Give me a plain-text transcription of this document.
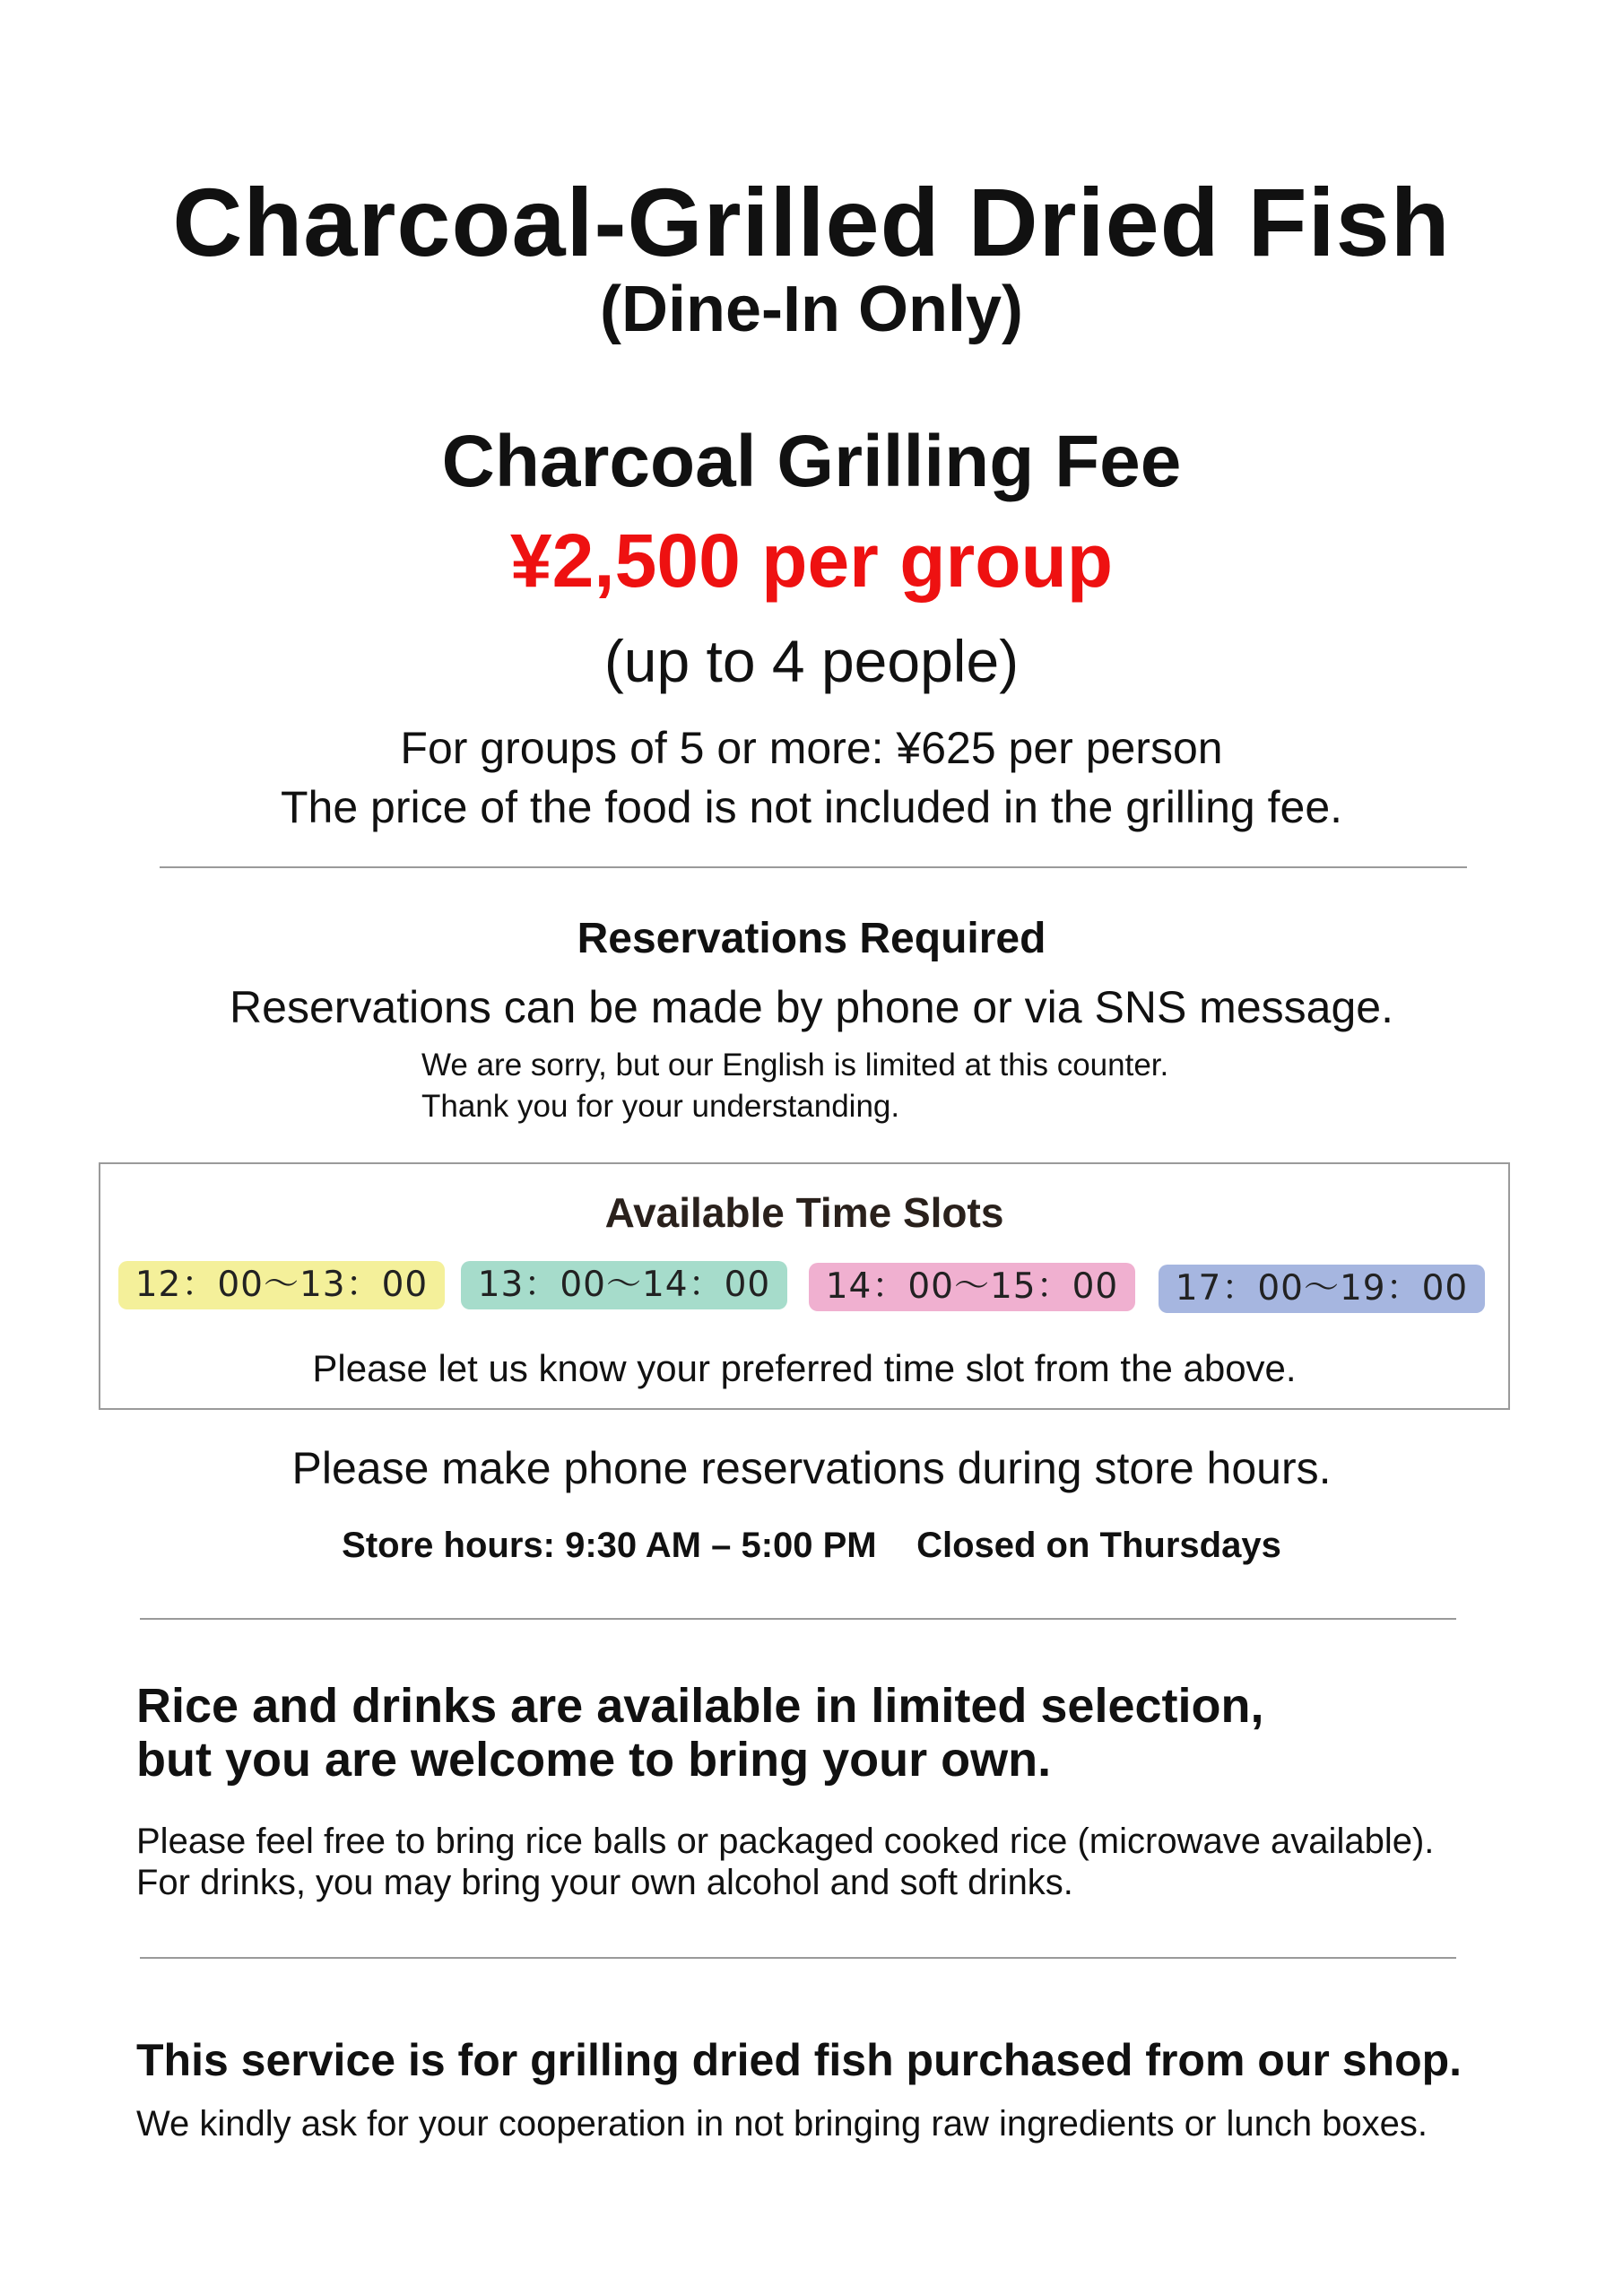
Charcoal-Grilled Dried Fish
(Dine-In Only)
Charcoal Grilling Fee
¥2,500 per group
(up to 4 people)
For groups of 5 or more: ¥625 per person
The price of the food is not included in the grilling fee.
Reservations Required
Reservations can be made by phone or via SNS message.
We are sorry, but our English is limited at this counter.
Thank you for your understanding.
Available Time Slots
12：00〜13：00	13：00〜14：00	14：00〜15：00	17：00〜19：00
Please let us know your preferred time slot from the above.
Please make phone reservations during store hours.
Store hours: 9:30 AM – 5:00 PM Closed on Thursdays
Rice and drinks are available in limited selection,
but you are welcome to bring your own.
Please feel free to bring rice balls or packaged cooked rice (microwave available).
For drinks, you may bring your own alcohol and soft drinks.
This service is for grilling dried fish purchased from our shop.
We kindly ask for your cooperation in not bringing raw ingredients or lunch boxes.
